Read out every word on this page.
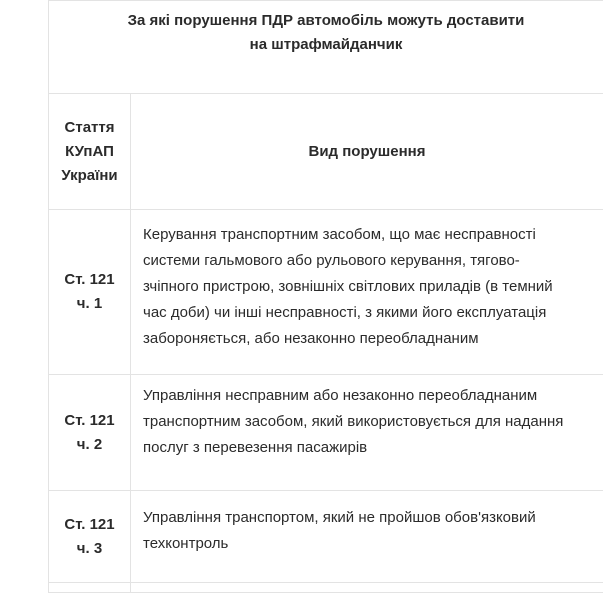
За які порушення ПДР автомобіль можуть доставити
на штрафмайданчик	

Стаття
КУпАП
України	Вид порушення

Ст. 121
ч. 1	Керування транспортним засобом, що має несправності
системи гальмового або рульового керування, тягово-
зчіпного пристрою, зовнішніх світлових приладів (в темний
час доби) чи інші несправності, з якими його експлуатація
забороняється, або незаконно переобладнаним

Ст. 121
ч. 2	Управління несправним або незаконно переобладнаним
транспортним засобом, який використовується для надання
послуг з перевезення пасажирів

Ст. 121
ч. 3	Управління транспортом, який не пройшов обов'язковий
техконтроль
